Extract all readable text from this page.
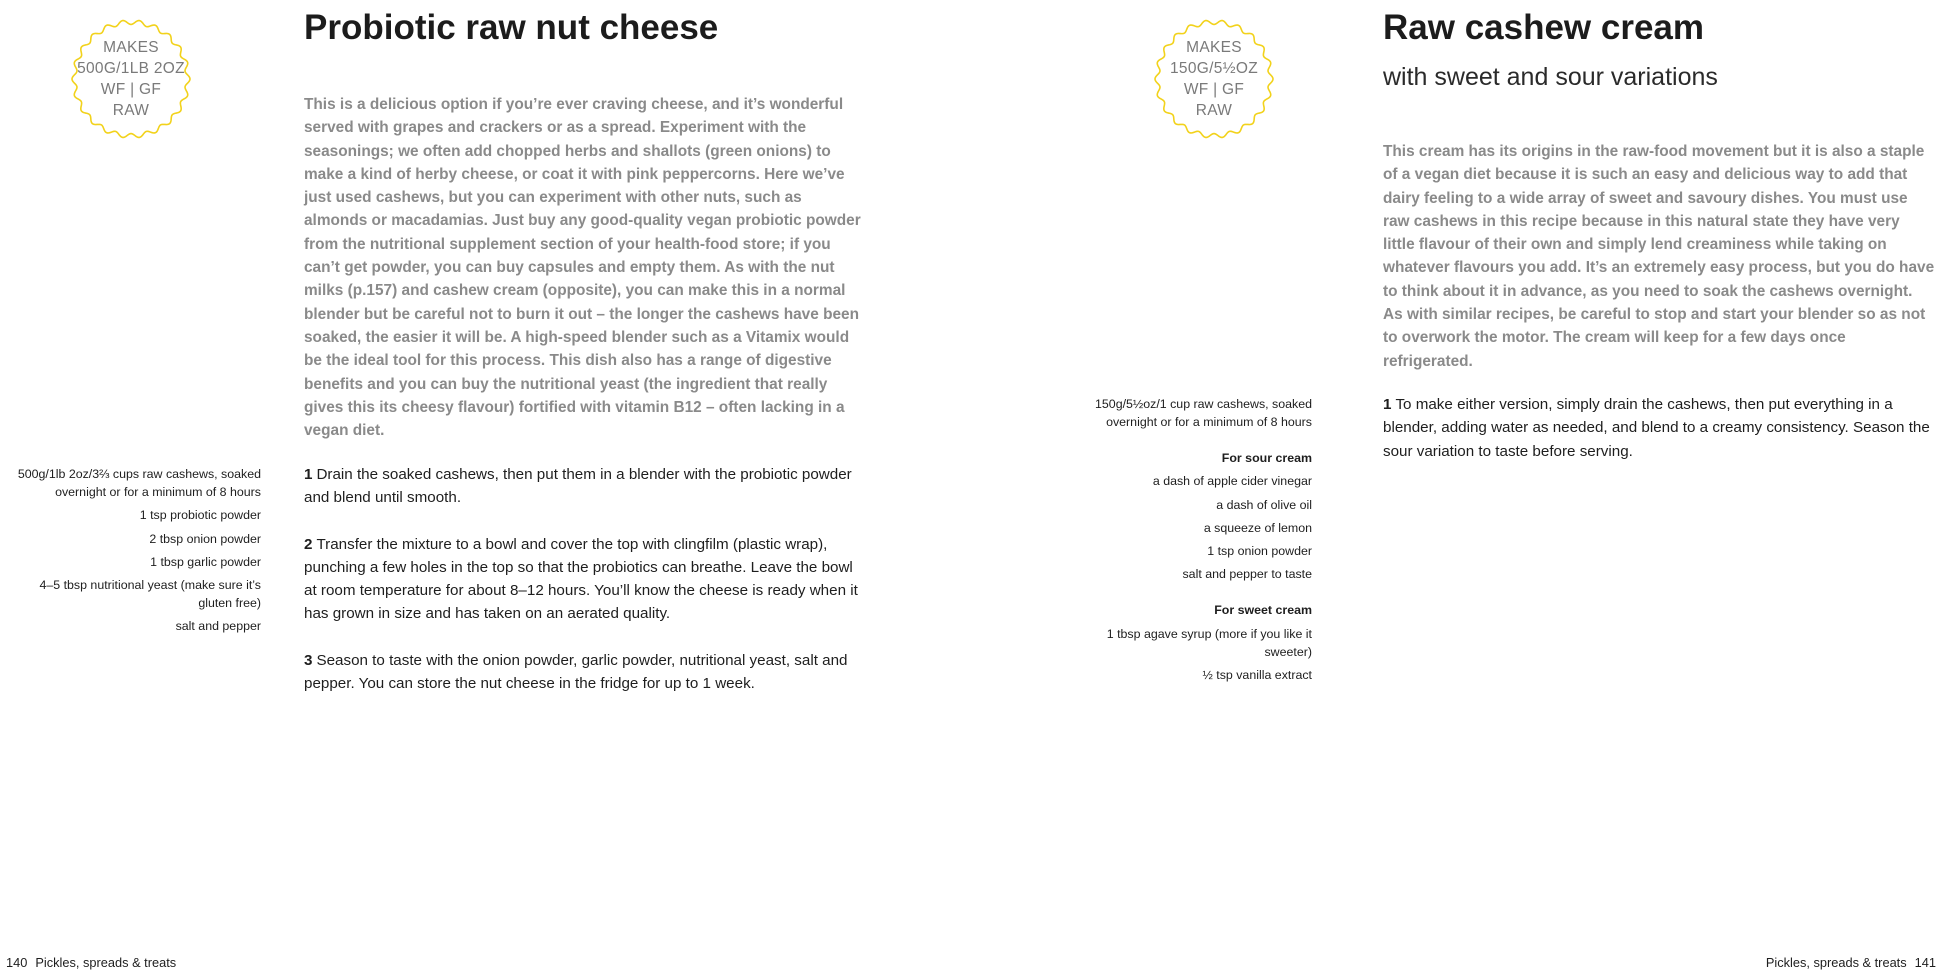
MAKES
500G/1LB 2OZ
WF | GF
RAW
Probiotic raw nut cheese

This is a delicious option if you’re ever craving cheese, and it’s wonderful served with grapes and crackers or as a spread. Experiment with the seasonings; we often add chopped herbs and shallots (green onions) to make a kind of herby cheese, or coat it with pink peppercorns. Here we’ve just used cashews, but you can experiment with other nuts, such as almonds or macadamias. Just buy any good-quality vegan probiotic powder from the nutritional supplement section of your health-food store; if you can’t get powder, you can buy capsules and empty them. As with the nut milks (p.157) and cashew cream (opposite), you can make this in a normal blender but be careful not to burn it out – the longer the cashews have been soaked, the easier it will be. A high-speed blender such as a Vitamix would be the ideal tool for this process. This dish also has a range of digestive benefits and you can buy the nutritional yeast (the ingredient that really gives this its cheesy flavour) fortified with vitamin B12 – often lacking in a vegan diet.

500g/1lb 2oz/3⅔ cups raw cashews, soaked overnight or for a minimum of 8 hours
1 tsp probiotic powder
2 tbsp onion powder
1 tbsp garlic powder
4–5 tbsp nutritional yeast (make sure it’s gluten free)
salt and pepper

1 Drain the soaked cashews, then put them in a blender with the probiotic powder and blend until smooth.

2 Transfer the mixture to a bowl and cover the top with clingfilm (plastic wrap), punching a few holes in the top so that the probiotics can breathe. Leave the bowl at room temperature for about 8–12 hours. You’ll know the cheese is ready when it has grown in size and has taken on an aerated quality.

3 Season to taste with the onion powder, garlic powder, nutritional yeast, salt and pepper. You can store the nut cheese in the fridge for up to 1 week.

140 Pickles, spreads & treats
MAKES
150G/5½OZ
WF | GF
RAW
Raw cashew cream
with sweet and sour variations

This cream has its origins in the raw-food movement but it is also a staple of a vegan diet because it is such an easy and delicious way to add that dairy feeling to a wide array of sweet and savoury dishes. You must use raw cashews in this recipe because in this natural state they have very little flavour of their own and simply lend creaminess while taking on whatever flavours you add. It’s an extremely easy process, but you do have to think about it in advance, as you need to soak the cashews overnight. As with similar recipes, be careful to stop and start your blender so as not to overwork the motor. The cream will keep for a few days once refrigerated.

150g/5½oz/1 cup raw cashews, soaked overnight or for a minimum of 8 hours
For sour cream
a dash of apple cider vinegar
a dash of olive oil
a squeeze of lemon
1 tsp onion powder
salt and pepper to taste
For sweet cream
1 tbsp agave syrup (more if you like it sweeter)
½ tsp vanilla extract

1 To make either version, simply drain the cashews, then put everything in a blender, adding water as needed, and blend to a creamy consistency. Season the sour variation to taste before serving.

Pickles, spreads & treats 141
